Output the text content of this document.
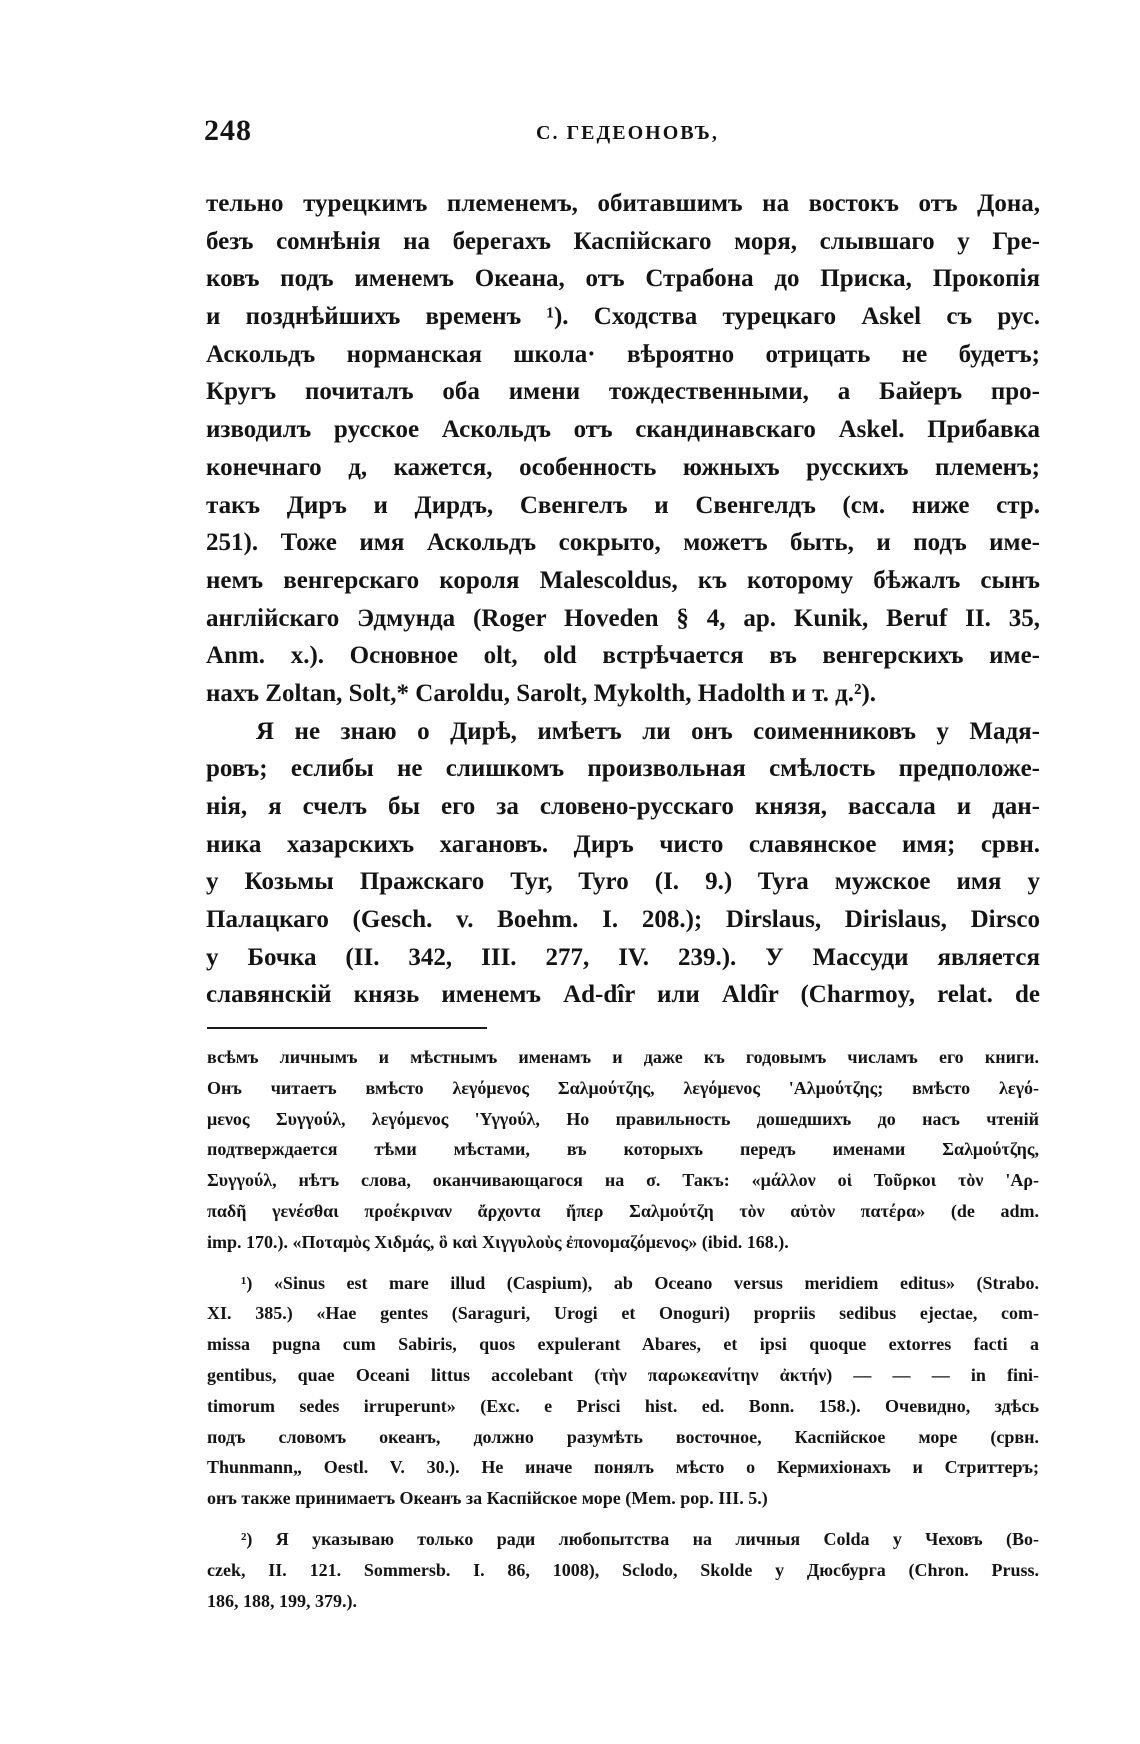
248	С. ГЕДЕОНОВЪ,
тельно турецкимъ племенемъ, обитавшимъ на востокъ отъ Дона,
безъ сомнѣнія на берегахъ Каспійскаго моря, слывшаго у Гре-
ковъ подъ именемъ Океана, отъ Страбона до Приска, Прокопія
и позднѣйшихъ временъ ¹). Сходства турецкаго Askel съ рус.
Аскольдъ норманская школа· вѣроятно отрицать не будетъ;
Кругъ почиталъ оба имени тождественными, а Байеръ про-
изводилъ русское Аскольдъ отъ скандинавскаго Askel. Прибавка
конечнаго д, кажется, особенность южныхъ русскихъ племенъ;
такъ Диръ и Дирдъ, Свенгелъ и Свенгелдъ (см. ниже стр.
251). Тоже имя Аскольдъ сокрыто, можетъ быть, и подъ име-
немъ венгерскаго короля Malescoldus, къ которому бѣжалъ сынъ
англійскаго Эдмунда (Roger Hoveden § 4, ap. Kunik, Beruf II. 35,
Anm. x.). Основное olt, old встрѣчается въ венгерскихъ име-
нахъ Zoltan, Solt,* Caroldu, Sarolt, Mykolth, Hadolth и т. д.²).
Я не знаю о Дирѣ, имѣетъ ли онъ соименниковъ у Мадя-
ровъ; еслибы не слишкомъ произвольная смѣлость предположе-
нія, я счелъ бы его за словено-русскаго князя, вассала и дан-
ника хазарскихъ хагановъ. Диръ чисто славянское имя; срвн.
у Козьмы Пражскаго Tyr, Tyro (I. 9.) Tyra мужское имя у
Палацкаго (Gesch. v. Boehm. I. 208.); Dirslaus, Dirislaus, Dirsco
у Бочка (II. 342, III. 277, IV. 239.). У Массуди является
славянскій князь именемъ Ad-dîr или Aldîr (Charmoy, relat. de
всѣмъ личнымъ и мѣстнымъ именамъ и даже къ годовымъ числамъ его книги.
Онъ читаетъ вмѣсто λεγόμενος Σαλμούτζης, λεγόμενος 'Αλμούτζης; вмѣсто λεγό-
μενος Συγγούλ, λεγόμενος 'Υγγούλ, Но правильность дошедшихъ до насъ чтеній
подтверждается тѣми мѣстами, въ которыхъ передъ именами Σαλμούτζης,
Συγγούλ, нѣтъ слова, оканчивающагося на σ. Такъ: «μάλλον οἱ Τοῦρκοι τὸν 'Αρ-
παδῆ γενέσθαι προέκριναν ἄρχοντα ἤπερ Σαλμούτζη τὸν αὐτὸν πατέρα» (de adm.
imp. 170.). «Ποταμὸς Χιδμάς, ὃ καὶ Χιγγυλοὺς ἐπονομαζόμενος» (ibid. 168.).
¹) «Sinus est mare illud (Caspium), ab Oceano versus meridiem editus» (Strabo.
XI. 385.) «Hae gentes (Saraguri, Urogi et Onoguri) propriis sedibus ejectae, com-
missa pugna cum Sabiris, quos expulerant Abares, et ipsi quoque extorres facti a
gentibus, quae Oceani littus accolebant (τὴν παρωκεανίτην ἀκτήν) — — — in fini-
timorum sedes irruperunt» (Exc. e Prisci hist. ed. Bonn. 158.). Очевидно, здѣсь
подъ словомъ океанъ, должно разумѣть восточное, Каспійское море (срвн.
Thunmann„ Oestl. V. 30.). Не иначе понялъ мѣсто о Кермихіонахъ и Стриттеръ;
онъ также принимаетъ Океанъ за Каспійское море (Mem. pop. III. 5.)
²) Я указываю только ради любопытства на личныя Colda у Чеховъ (Bo-
czek, II. 121. Sommersb. I. 86, 1008), Sclodo, Skolde у Дюсбурга (Chron. Pruss.
186, 188, 199, 379.).
